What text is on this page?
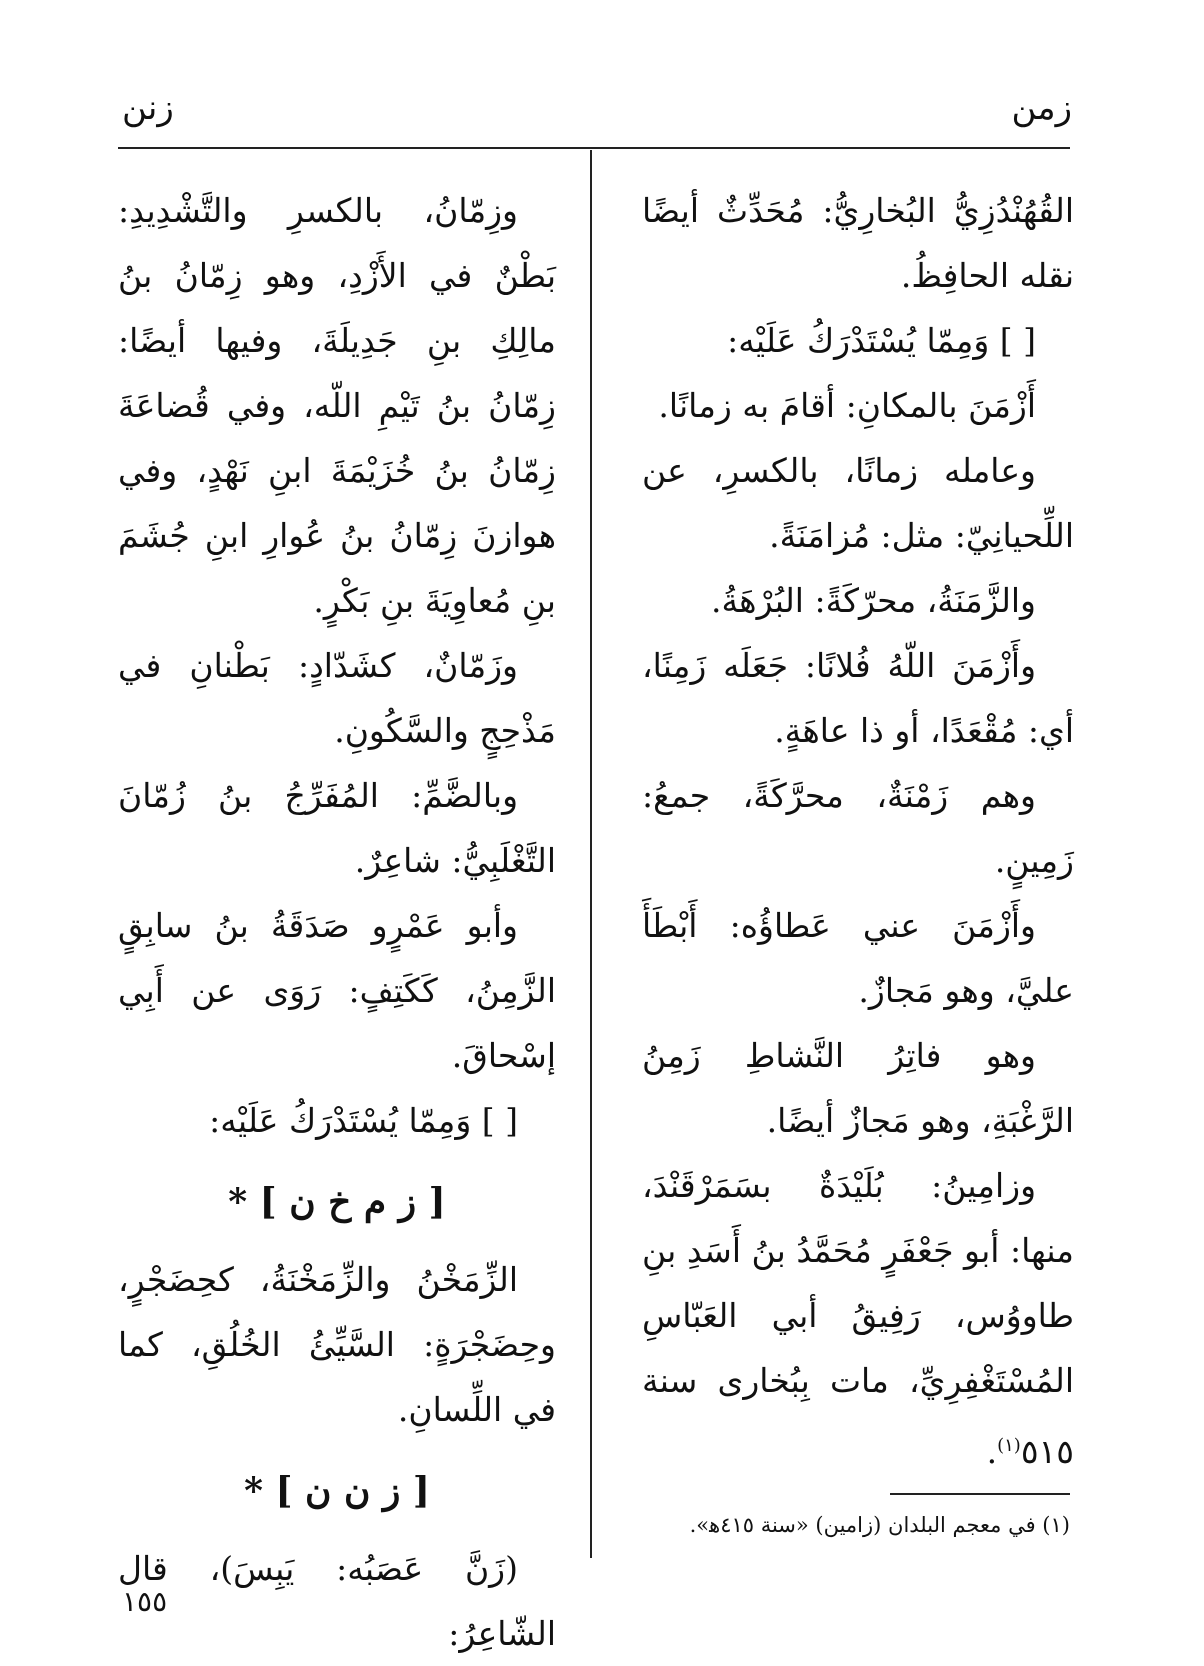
زمن
زنن

القُهُنْدُزِيُّ البُخارِيُّ: مُحَدِّثٌ أيضًا نقله الحافِظُ.

[ ] وَمِمّا يُسْتَدْرَكُ عَلَيْه:

أَزْمَنَ بالمكانِ: أقامَ به زمانًا.

وعامله زمانًا، بالكسرِ، عن اللِّحيانِيّ: مثل: مُزامَنَةً.

والزَّمَنَةُ، محرّكَةً: البُرْهَةُ.

وأَزْمَنَ اللّهُ فُلانًا: جَعَلَه زَمِنًا، أي: مُقْعَدًا، أو ذا عاهَةٍ.

وهم زَمْنَةٌ، محرَّكَةً، جمعُ: زَمِينٍ.

وأَزْمَنَ عني عَطاؤُه: أَبْطَأَ عليَّ، وهو مَجازٌ.

وهو فاتِرُ النَّشاطِ زَمِنُ الرَّغْبَةِ، وهو مَجازٌ أيضًا.

وزامِينُ: بُلَيْدَةٌ بسَمَرْقَنْدَ، منها: أبو جَعْفَرٍ مُحَمَّدُ بنُ أَسَدِ بنِ طاووُس، رَفِيقُ أبي العَبّاسِ المُسْتَغْفِرِيِّ، مات بِبُخارى سنة ٥١٥$^{(١)}$.

وزِمّانُ، بالكسرِ والتَّشْدِيدِ: بَطْنٌ في الأَزْدِ، وهو زِمّانُ بنُ مالِكِ بنِ جَدِيلَةَ، وفيها أيضًا: زِمّانُ بنُ تَيْمِ اللّه، وفي قُضاعَةَ زِمّانُ بنُ خُزَيْمَةَ ابنِ نَهْدٍ، وفي هوازنَ زِمّانُ بنُ عُوارِ ابنِ جُشَمَ بنِ مُعاوِيَةَ بنِ بَكْرٍ.

وزَمّانٌ، كشَدّادٍ: بَطْنانِ في مَذْحِجٍ والسَّكُونِ.

وبالضَّمِّ: المُفَرِّجُ بنُ زُمّانَ التَّغْلَبِيُّ: شاعِرٌ.

وأبو عَمْرٍو صَدَقَةُ بنُ سابِقٍ الزَّمِنُ، كَكَتِفٍ: رَوَى عن أَبِي إسْحاقَ.

[ ] وَمِمّا يُسْتَدْرَكُ عَلَيْه:

[ ز م خ ن ] *

الزِّمَخْنُ والزِّمَخْنَةُ، كحِضَجْرٍ، وحِضَجْرَةٍ: السَّيِّئُ الخُلُقِ، كما في اللِّسانِ.

[ ز ن ن ] *

(زَنَّ عَصَبُه: يَبِسَ)، قال الشّاعِرُ:

(١) في معجم البلدان (زامين) «سنة ٤١٥ﻫ».
١٥٥
